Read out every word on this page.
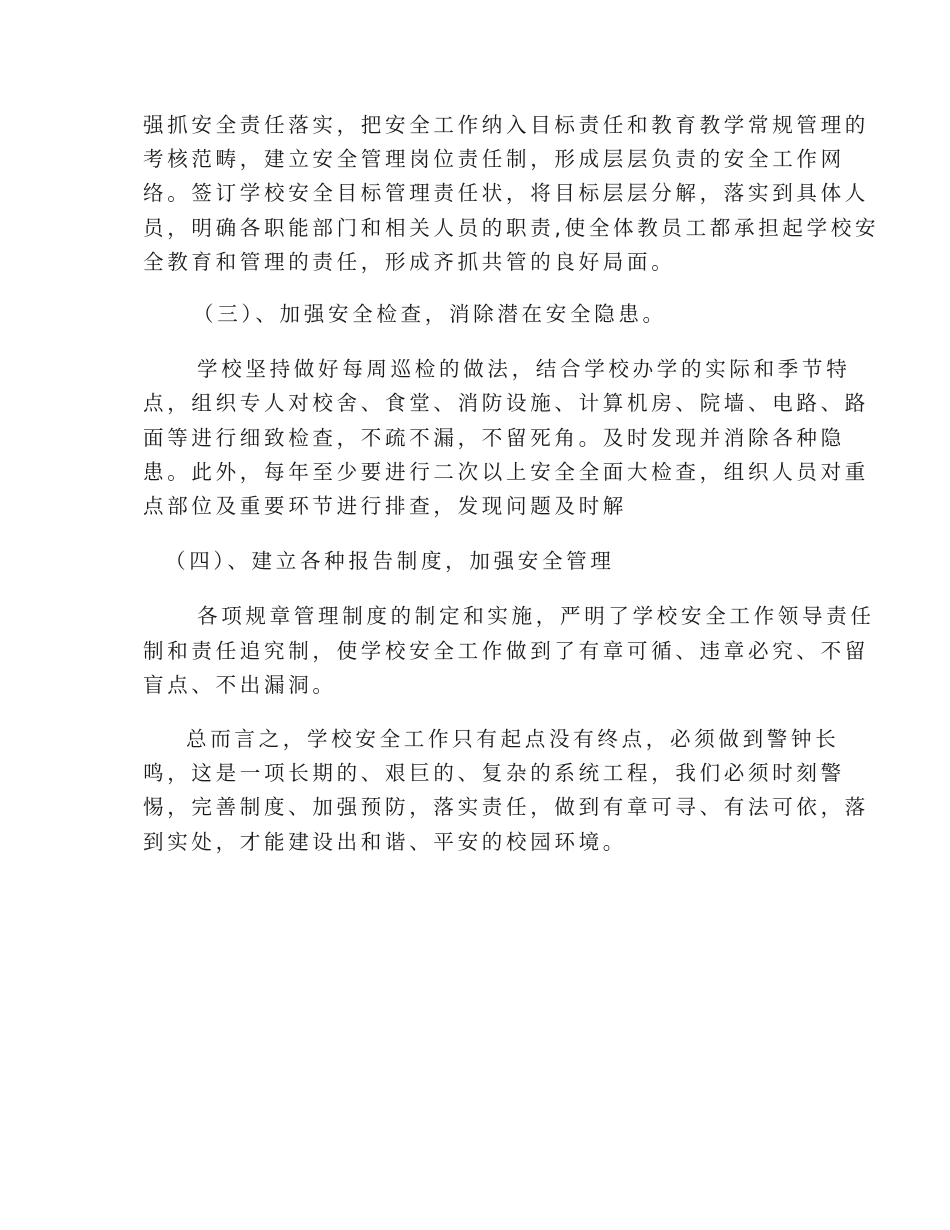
强抓安全责任落实，把安全工作纳入目标责任和教育教学常规管理的
考核范畴，建立安全管理岗位责任制，形成层层负责的安全工作网
络。签订学校安全目标管理责任状，将目标层层分解，落实到具体人
员，明确各职能部门和相关人员的职责,使全体教员工都承担起学校安
全教育和管理的责任，形成齐抓共管的良好局面。

（三）、加强安全检查，消除潜在安全隐患。

学校坚持做好每周巡检的做法，结合学校办学的实际和季节特
点，组织专人对校舍、食堂、消防设施、计算机房、院墙、电路、路
面等进行细致检查，不疏不漏，不留死角。及时发现并消除各种隐
患。此外，每年至少要进行二次以上安全全面大检查，组织人员对重
点部位及重要环节进行排查，发现问题及时解

（四）、建立各种报告制度，加强安全管理

各项规章管理制度的制定和实施，严明了学校安全工作领导责任
制和责任追究制，使学校安全工作做到了有章可循、违章必究、不留
盲点、不出漏洞。

总而言之，学校安全工作只有起点没有终点，必须做到警钟长
鸣，这是一项长期的、艰巨的、复杂的系统工程，我们必须时刻警
惕，完善制度、加强预防，落实责任，做到有章可寻、有法可依，落
到实处，才能建设出和谐、平安的校园环境。
